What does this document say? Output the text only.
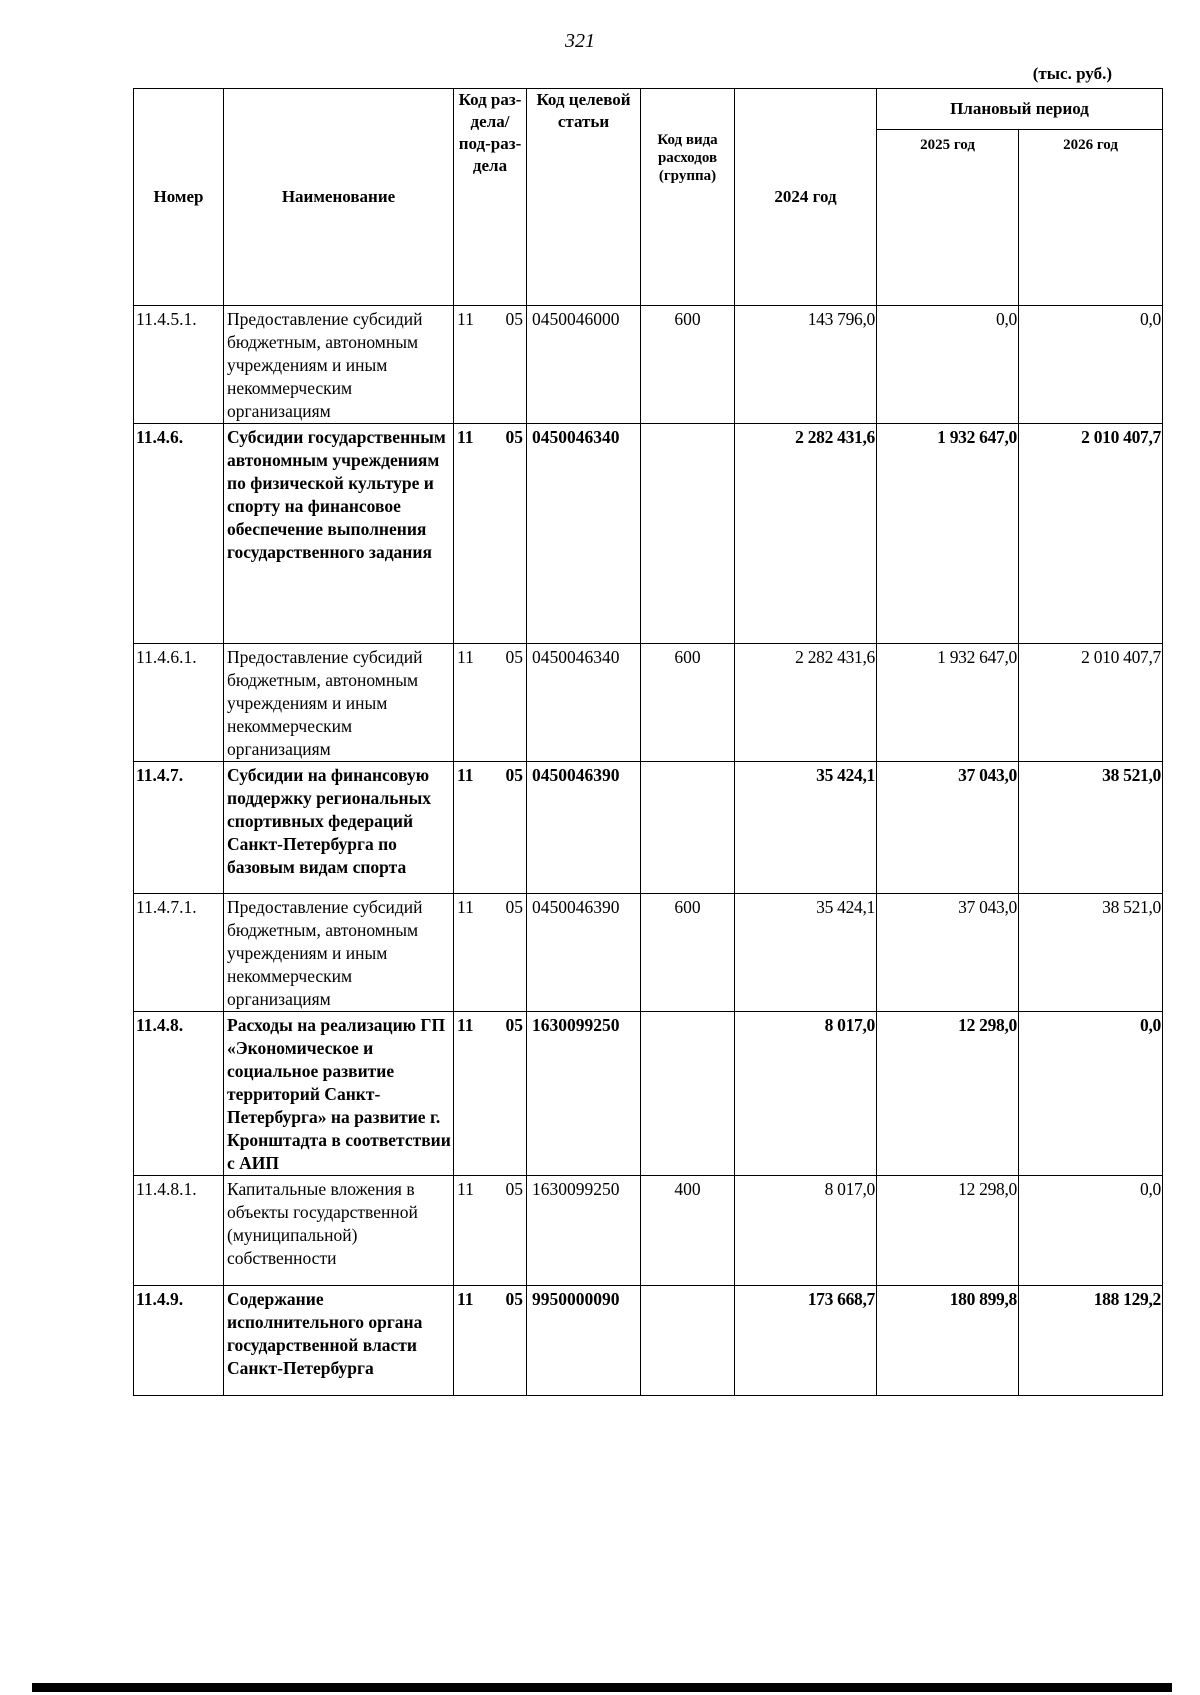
321
(тыс. руб.)
Номер	Наименование	Код раз-дела/ под-раз-дела	Код целевой статьи	Код вида расходов (группа)	2024 год	Плановый период	
						2025 год	2026 год
11.4.5.1.	Предоставление субсидий бюджетным, автономным учреждениям и иным некоммерческим организациям	11 05	0450046000	600	143 796,0	0,0	0,0
11.4.6.	Субсидии государственным автономным учреждениям по физической культуре и спорту на финансовое обеспечение выполнения государственного задания	11 05	0450046340		2 282 431,6	1 932 647,0	2 010 407,7
11.4.6.1.	Предоставление субсидий бюджетным, автономным учреждениям и иным некоммерческим организациям	11 05	0450046340	600	2 282 431,6	1 932 647,0	2 010 407,7
11.4.7.	Субсидии на финансовую поддержку региональных спортивных федераций Санкт-Петербурга по базовым видам спорта	11 05	0450046390		35 424,1	37 043,0	38 521,0
11.4.7.1.	Предоставление субсидий бюджетным, автономным учреждениям и иным некоммерческим организациям	11 05	0450046390	600	35 424,1	37 043,0	38 521,0
11.4.8.	Расходы на реализацию ГП «Экономическое и социальное развитие территорий Санкт-Петербурга» на развитие г. Кронштадта в соответствии с АИП	11 05	1630099250		8 017,0	12 298,0	0,0
11.4.8.1.	Капитальные вложения в объекты государственной (муниципальной) собственности	11 05	1630099250	400	8 017,0	12 298,0	0,0
11.4.9.	Содержание исполнительного органа государственной власти Санкт-Петербурга	11 05	9950000090		173 668,7	180 899,8	188 129,2
